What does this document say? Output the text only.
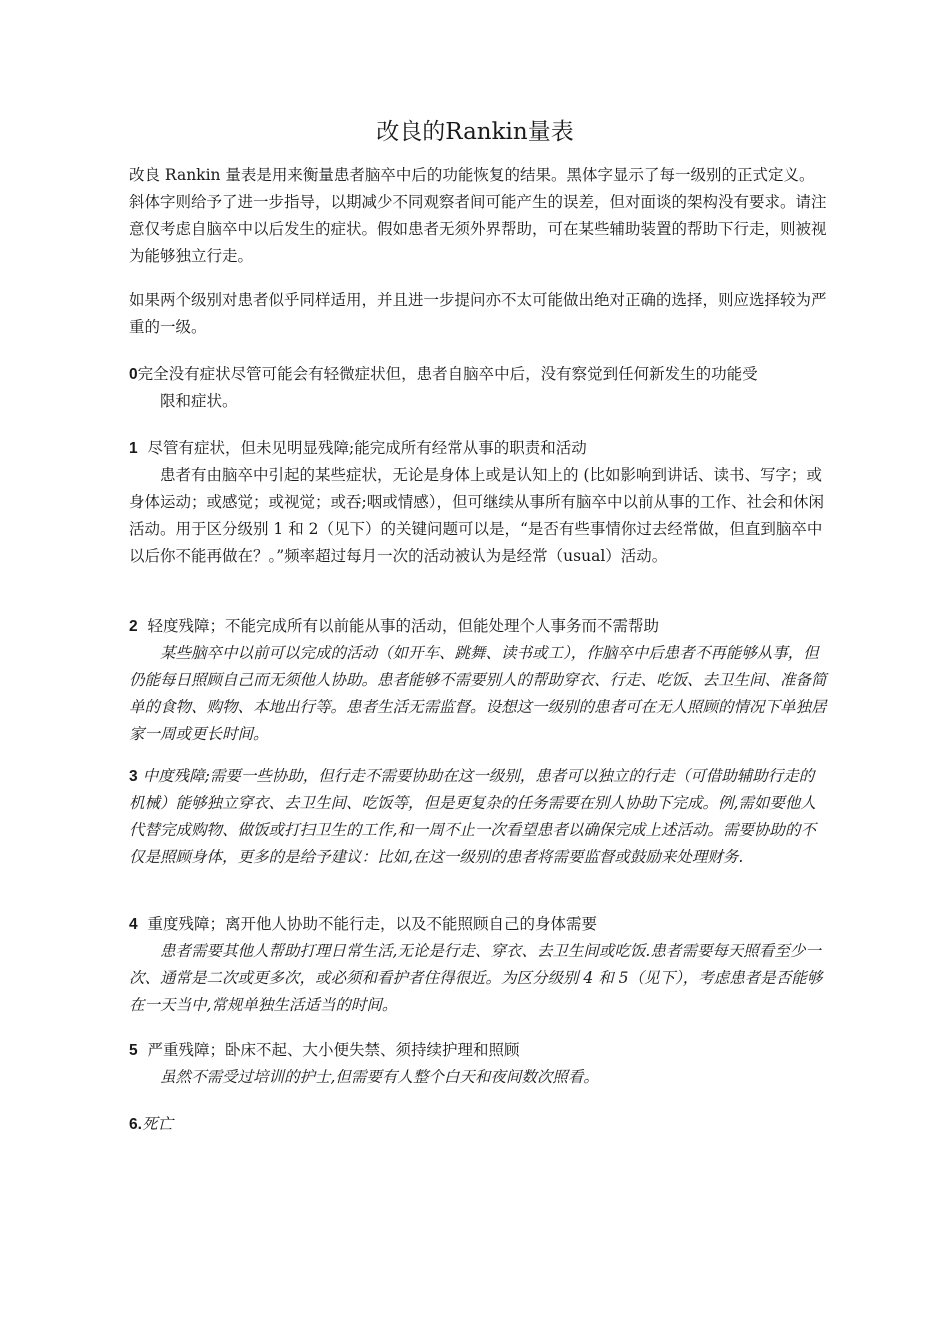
改良的Rankin量表

改良 Rankin 量表是用来衡量患者脑卒中后的功能恢复的结果。黑体字显示了每一级别的正式定义。斜体字则给予了进一步指导，以期减少不同观察者间可能产生的误差，但对面谈的架构没有要求。请注意仅考虑自脑卒中以后发生的症状。假如患者无须外界帮助，可在某些辅助装置的帮助下行走，则被视为能够独立行走。

如果两个级别对患者似乎同样适用，并且进一步提问亦不太可能做出绝对正确的选择，则应选择较为严重的一级。

0完全没有症状尽管可能会有轻微症状但，患者自脑卒中后，没有察觉到任何新发生的功能受
限和症状。
1 尽管有症状，但未见明显残障;能完成所有经常从事的职责和活动

患者有由脑卒中引起的某些症状，无论是身体上或是认知上的 (比如影响到讲话、读书、写字；或身体运动；或感觉；或视觉；或吞;咽或情感），但可继续从事所有脑卒中以前从事的工作、社会和休闲活动。用于区分级别 1 和 2（见下）的关键问题可以是，“是否有些事情你过去经常做，但直到脑卒中以后你不能再做在？。”频率超过每月一次的活动被认为是经常（usual）活动。

2 轻度残障；不能完成所有以前能从事的活动，但能处理个人事务而不需帮助

某些脑卒中以前可以完成的活动（如开车、跳舞、读书或工），作脑卒中后患者不再能够从事，但仍能每日照顾自己而无须他人协助。患者能够不需要别人的帮助穿衣、行走、吃饭、去卫生间、准备简单的食物、购物、本地出行等。患者生活无需监督。设想这一级别的患者可在无人照顾的情况下单独居家一周或更长时间。

3 中度残障;需要一些协助，但行走不需要协助在这一级别，患者可以独立的行走（可借助辅助行走的机械）能够独立穿衣、去卫生间、吃饭等，但是更复杂的任务需要在别人协助下完成。例,需如要他人代替完成购物、做饭或打扫卫生的工作,和一周不止一次看望患者以确保完成上述活动。需要协助的不仅是照顾身体，更多的是给予建议：比如,在这一级别的患者将需要监督或鼓励来处理财务.
4 重度残障；离开他人协助不能行走，以及不能照顾自己的身体需要

患者需要其他人帮助打理日常生活,无论是行走、穿衣、去卫生间或吃饭.患者需要每天照看至少一次、通常是二次或更多次，或必须和看护者住得很近。为区分级别 4 和 5（见下），考虑患者是否能够在一天当中,常规单独生活适当的时间。

5 严重残障；卧床不起、大小便失禁、须持续护理和照顾

虽然不需受过培训的护士,但需要有人整个白天和夜间数次照看。

6.死亡
